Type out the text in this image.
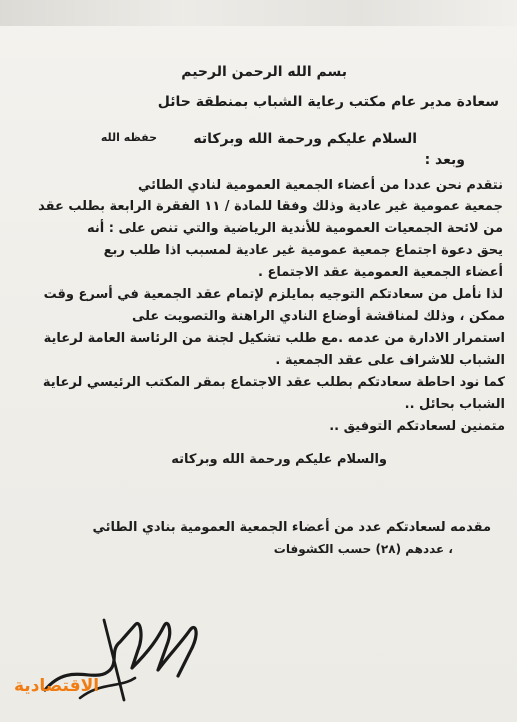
بسم الله الرحمن الرحيم
سعادة مدير عام مكتب رعاية الشباب بمنطقة حائل
حفظه الله	السلام عليكم ورحمة الله وبركاته
وبعد :
نتقدم نحن عددا من أعضاء الجمعية العمومية لنادي الطائي
جمعية عمومية غير عادية وذلك وفقا للمادة / ١١ الفقرة الرابعة بطلب عقد
من لائحة الجمعيات العمومية للأندية الرياضية والتي تنص على : أنه
يحق دعوة اجتماع جمعية عمومية غير عادية لمسبب اذا طلب ربع
أعضاء الجمعية العمومية عقد الاجتماع .
لذا نأمل من سعادتكم التوجيه بمايلزم لإتمام عقد الجمعية في أسرع وقت
ممكن ، وذلك لمناقشة أوضاع النادي الراهنة والتصويت على
استمرار الادارة من عدمه .مع طلب تشكيل لجنة من الرئاسة العامة لرعاية
الشباب للاشراف على عقد الجمعية .
كما نود احاطة سعادتكم بطلب عقد الاجتماع بمقر المكتب الرئيسي لرعاية
الشباب بحائل ..
متمنين لسعادتكم التوفيق ..
والسلام عليكم ورحمة الله وبركاته
مقدمه لسعادتكم عدد من أعضاء الجمعية العمومية بنادي الطائي
، عددهم (٢٨) حسب الكشوفات
الاقتصادية
